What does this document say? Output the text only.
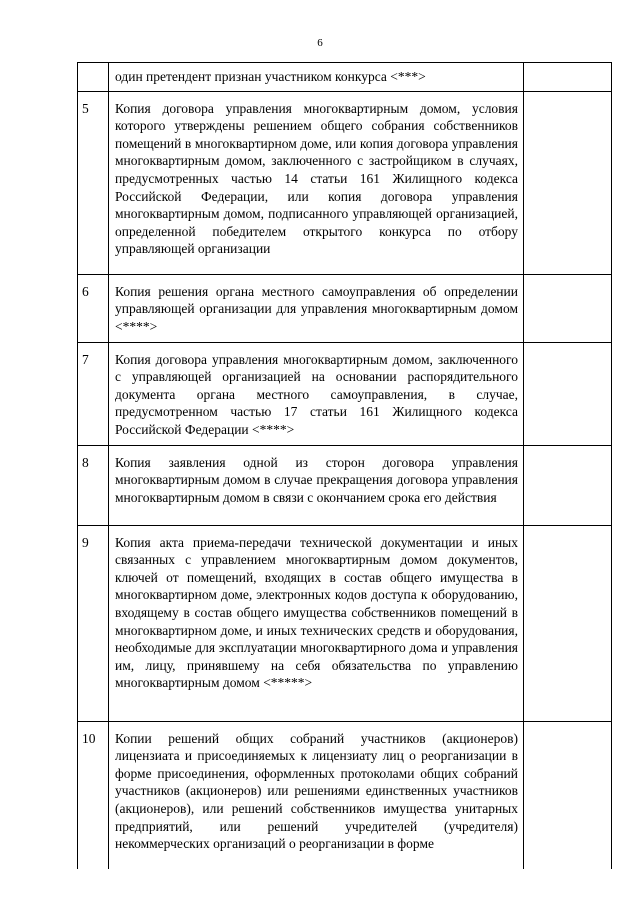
6
	один претендент признан участником конкурса <***>	
5	Копия договора управления многоквартирным домом, условия которого утверждены решением общего собрания собственников помещений в многоквартирном доме, или копия договора управления многоквартирным домом, заключенного с застройщиком в случаях, предусмотренных частью 14 статьи 161 Жилищного кодекса Российской Федерации, или копия договора управления многоквартирным домом, подписанного управляющей организацией, определенной победителем открытого конкурса по отбору управляющей организации	
6	Копия решения органа местного самоуправления об определении управляющей организации для управления многоквартирным домом <****>	
7	Копия договора управления многоквартирным домом, заключенного с управляющей организацией на основании распорядительного документа органа местного самоуправления, в случае, предусмотренном частью 17 статьи 161 Жилищного кодекса Российской Федерации <****>	
8	Копия заявления одной из сторон договора управления многоквартирным домом в случае прекращения договора управления многоквартирным домом в связи с окончанием срока его действия	
9	Копия акта приема-передачи технической документации и иных связанных с управлением многоквартирным домом документов, ключей от помещений, входящих в состав общего имущества в многоквартирном доме, электронных кодов доступа к оборудованию, входящему в состав общего имущества собственников помещений в многоквартирном доме, и иных технических средств и оборудования, необходимые для эксплуатации многоквартирного дома и управления им, лицу, принявшему на себя обязательства по управлению многоквартирным домом <*****>	
10	Копии решений общих собраний участников (акционеров) лицензиата и присоединяемых к лицензиату лиц о реорганизации в форме присоединения, оформленных протоколами общих собраний участников (акционеров) или решениями единственных участников (акционеров), или решений собственников имущества унитарных предприятий, или решений учредителей (учредителя) некоммерческих организаций о реорганизации в форме	
